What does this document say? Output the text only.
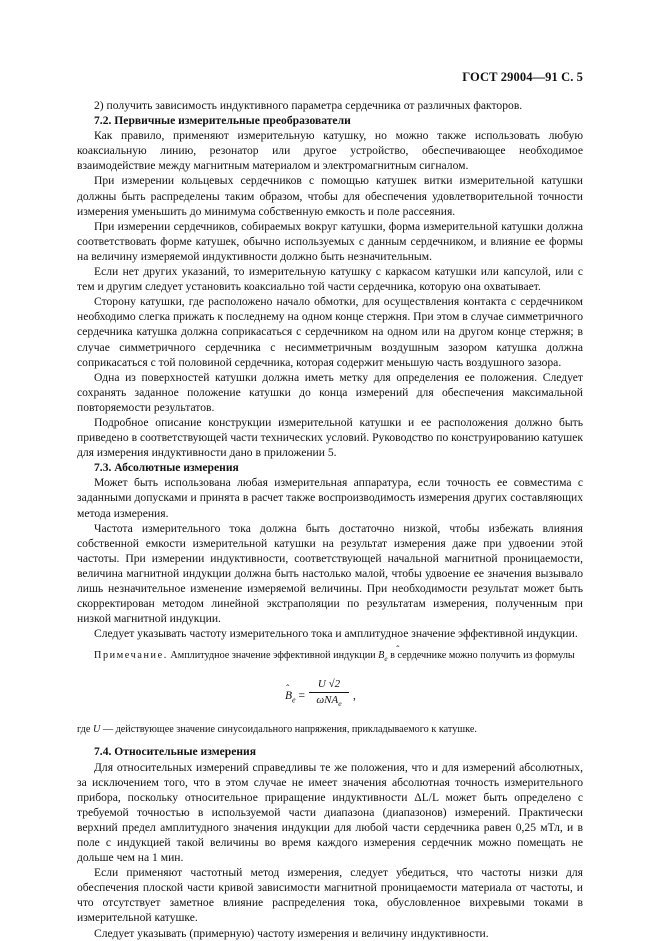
ГОСТ 29004—91 С. 5

2) получить зависимость индуктивного параметра сердечника от различных факторов.

7.2. Первичные измерительные преобразователи

Как правило, применяют измерительную катушку, но можно также использовать любую коаксиальную линию, резонатор или другое устройство, обеспечивающее необходимое взаимодействие между магнитным материалом и электромагнитным сигналом.

При измерении кольцевых сердечников с помощью катушек витки измерительной катушки должны быть распределены таким образом, чтобы для обеспечения удовлетворительной точности измерения уменьшить до минимума собственную емкость и поле рассеяния.

При измерении сердечников, собираемых вокруг катушки, форма измерительной катушки должна соответствовать форме катушек, обычно используемых с данным сердечником, и влияние ее формы на величину измеряемой индуктивности должно быть незначительным.

Если нет других указаний, то измерительную катушку с каркасом катушки или капсулой, или с тем и другим следует установить коаксиально той части сердечника, которую она охватывает.

Сторону катушки, где расположено начало обмотки, для осуществления контакта с сердечником необходимо слегка прижать к последнему на одном конце стержня. При этом в случае симметричного сердечника катушка должна соприкасаться с сердечником на одном или на другом конце стержня; в случае симметричного сердечника с несимметричным воздушным зазором катушка должна соприкасаться с той половиной сердечника, которая содержит меньшую часть воздушного зазора.

Одна из поверхностей катушки должна иметь метку для определения ее положения. Следует сохранять заданное положение катушки до конца измерений для обеспечения максимальной повторяемости результатов.

Подробное описание конструкции измерительной катушки и ее расположения должно быть приведено в соответствующей части технических условий. Руководство по конструированию катушек для измерения индуктивности дано в приложении 5.

7.3. Абсолютные измерения

Может быть использована любая измерительная аппаратура, если точность ее совместима с заданными допусками и принята в расчет также воспроизводимость измерения других составляющих метода измерения.

Частота измерительного тока должна быть достаточно низкой, чтобы избежать влияния собственной емкости измерительной катушки на результат измерения даже при удвоении этой частоты. При измерении индуктивности, соответствующей начальной магнитной проницаемости, величина магнитной индукции должна быть настолько малой, чтобы удвоение ее значения вызывало лишь незначительное изменение измеряемой величины. При необходимости результат может быть скорректирован методом линейной экстраполяции по результатам измерения, полученным при низкой магнитной индукции.

Следует указывать частоту измерительного тока и амплитудное значение эффективной индукции.

Примечание. Амплитудное значение эффективной индукции ˆ $B_e$ в сердечнике можно получить из формулы

ˆ $B_e$ =
U √2
ωNA$_e$
,

где U — действующее значение синусоидального напряжения, прикладываемого к катушке.

7.4. Относительные измерения

Для относительных измерений справедливы те же положения, что и для измерений абсолютных, за исключением того, что в этом случае не имеет значения абсолютная точность измерительного прибора, поскольку относительное приращение индуктивности ΔL/L может быть определено с требуемой точностью в используемой части диапазона (диапазонов) измерений. Практически верхний предел амплитудного значения индукции для любой части сердечника равен 0,25 мТл, и в поле с индукцией такой величины во время каждого измерения сердечник можно помещать не дольше чем на 1 мин.

Если применяют частотный метод измерения, следует убедиться, что частоты низки для обеспечения плоской части кривой зависимости магнитной проницаемости материала от частоты, и что отсутствует заметное влияние распределения тока, обусловленное вихревыми токами в измерительной катушке.

Следует указывать (примерную) частоту измерения и величину индуктивности.
